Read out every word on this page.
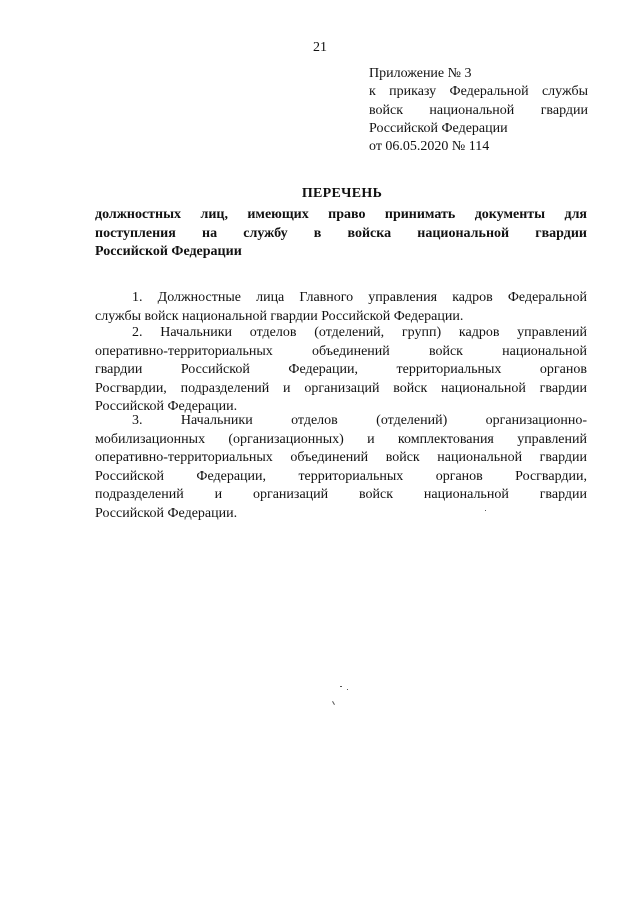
21
Приложение № 3
к приказу Федеральной службы
войск национальной гвардии
Российской Федерации
от 06.05.2020 № 114
ПЕРЕЧЕНЬ
должностных лиц, имеющих право принимать документы для
поступления на службу в войска национальной гвардии
Российской Федерации
1. Должностные лица Главного управления кадров Федеральной
службы войск национальной гвардии Российской Федерации.
2. Начальники отделов (отделений, групп) кадров управлений
оперативно-территориальных объединений войск национальной
гвардии Российской Федерации, территориальных органов
Росгвардии, подразделений и организаций войск национальной гвардии
Российской Федерации.
3. Начальники отделов (отделений) организационно-
мобилизационных (организационных) и комплектования управлений
оперативно-территориальных объединений войск национальной гвардии
Российской Федерации, территориальных органов Росгвардии,
подразделений и организаций войск национальной гвардии
Российской Федерации.
